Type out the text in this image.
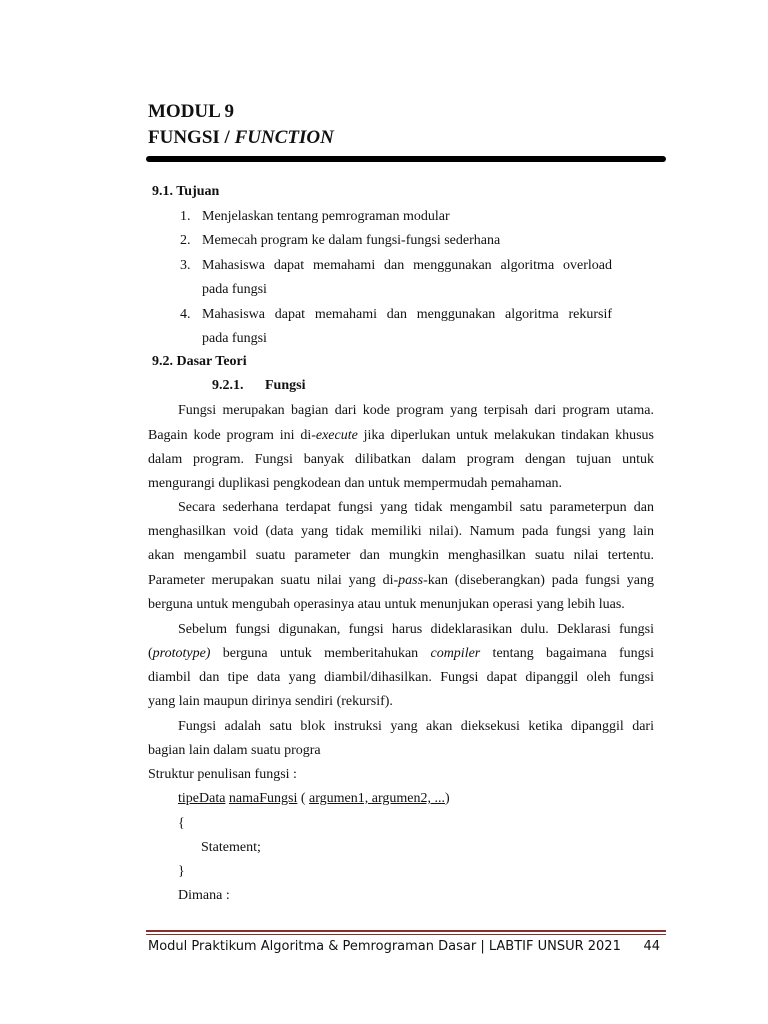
MODUL 9
FUNGSI / FUNCTION
9.1. Tujuan
1. Menjelaskan tentang pemrograman modular
2. Memecah program ke dalam fungsi-fungsi sederhana
3. Mahasiswa dapat memahami dan menggunakan algoritma overload
pada fungsi
4. Mahasiswa dapat memahami dan menggunakan algoritma rekursif
pada fungsi
9.2. Dasar Teori
9.2.1. Fungsi
Fungsi merupakan bagian dari kode program yang terpisah dari program utama.
Bagain kode program ini di-execute jika diperlukan untuk melakukan tindakan khusus
dalam program. Fungsi banyak dilibatkan dalam program dengan tujuan untuk
mengurangi duplikasi pengkodean dan untuk mempermudah pemahaman.
Secara sederhana terdapat fungsi yang tidak mengambil satu parameterpun dan
menghasilkan void (data yang tidak memiliki nilai). Namum pada fungsi yang lain
akan mengambil suatu parameter dan mungkin menghasilkan suatu nilai tertentu.
Parameter merupakan suatu nilai yang di-pass-kan (diseberangkan) pada fungsi yang
berguna untuk mengubah operasinya atau untuk menunjukan operasi yang lebih luas.
Sebelum fungsi digunakan, fungsi harus dideklarasikan dulu. Deklarasi fungsi
(prototype) berguna untuk memberitahukan compiler tentang bagaimana fungsi
diambil dan tipe data yang diambil/dihasilkan. Fungsi dapat dipanggil oleh fungsi
yang lain maupun dirinya sendiri (rekursif).
Fungsi adalah satu blok instruksi yang akan dieksekusi ketika dipanggil dari
bagian lain dalam suatu progra
Struktur penulisan fungsi :
tipeData namaFungsi ( argumen1, argumen2, ...)
{
Statement;
}
Dimana :
Modul Praktikum Algoritma & Pemrograman Dasar | LABTIF UNSUR 2021 44
